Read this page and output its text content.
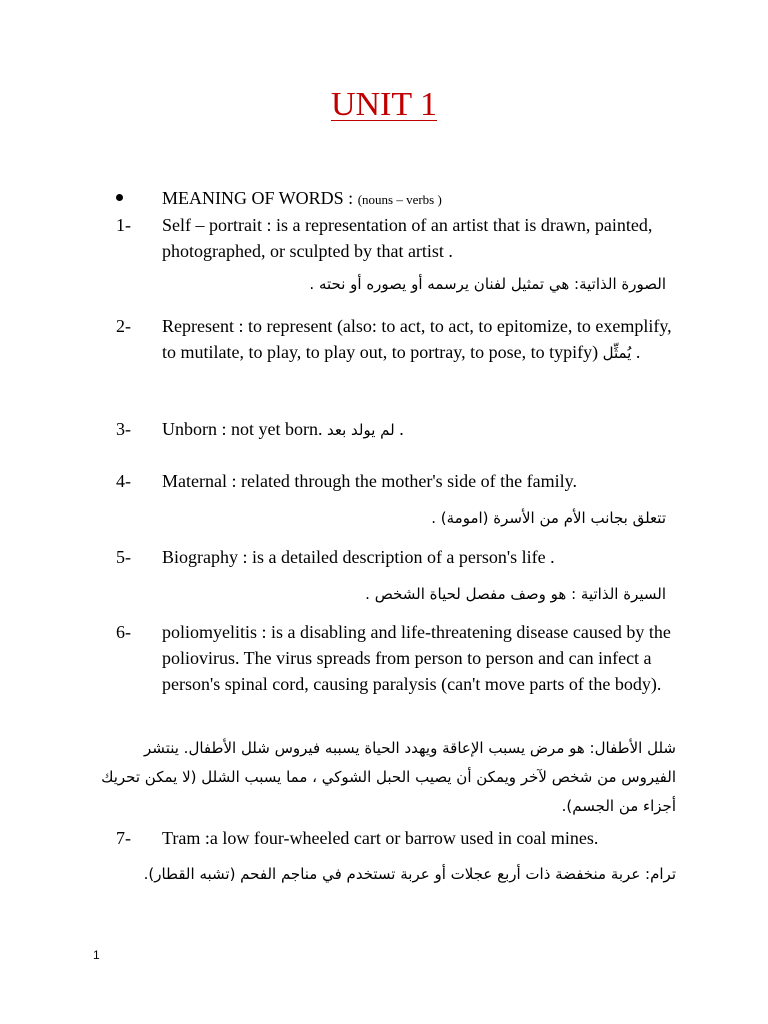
UNIT 1
MEANING OF WORDS : (nouns – verbs )
1-	Self – portrait : is a representation of an artist that is drawn, painted, photographed, or sculpted by that artist .
الصورة الذاتية: هي تمثيل لفنان يرسمه أو يصوره أو نحته .
2-	Represent : to represent (also: to act, to act, to epitomize, to exemplify, to mutilate, to play, to play out, to portray, to pose, to typify) يُمثِّل .
3-	Unborn : not yet born. لم يولد بعد .
4-	Maternal : related through the mother's side of the family.
تتعلق بجانب الأم من الأسرة (امومة) .
5-	Biography : is a detailed description of a person's life .
السيرة الذاتية : هو وصف مفصل لحياة الشخص .
6-	poliomyelitis : is a disabling and life-threatening disease caused by the poliovirus. The virus spreads from person to person and can infect a person's spinal cord, causing paralysis (can't move parts of the body).
شلل الأطفال: هو مرض يسبب الإعاقة ويهدد الحياة يسببه فيروس شلل الأطفال. ينتشر الفيروس من شخص لآخر ويمكن أن يصيب الحبل الشوكي ، مما يسبب الشلل (لا يمكن تحريك أجزاء من الجسم).
7-	Tram :a low four-wheeled cart or barrow used in coal mines.
ترام: عربة منخفضة ذات أربع عجلات أو عربة تستخدم في مناجم الفحم (تشبه القطار).
1
